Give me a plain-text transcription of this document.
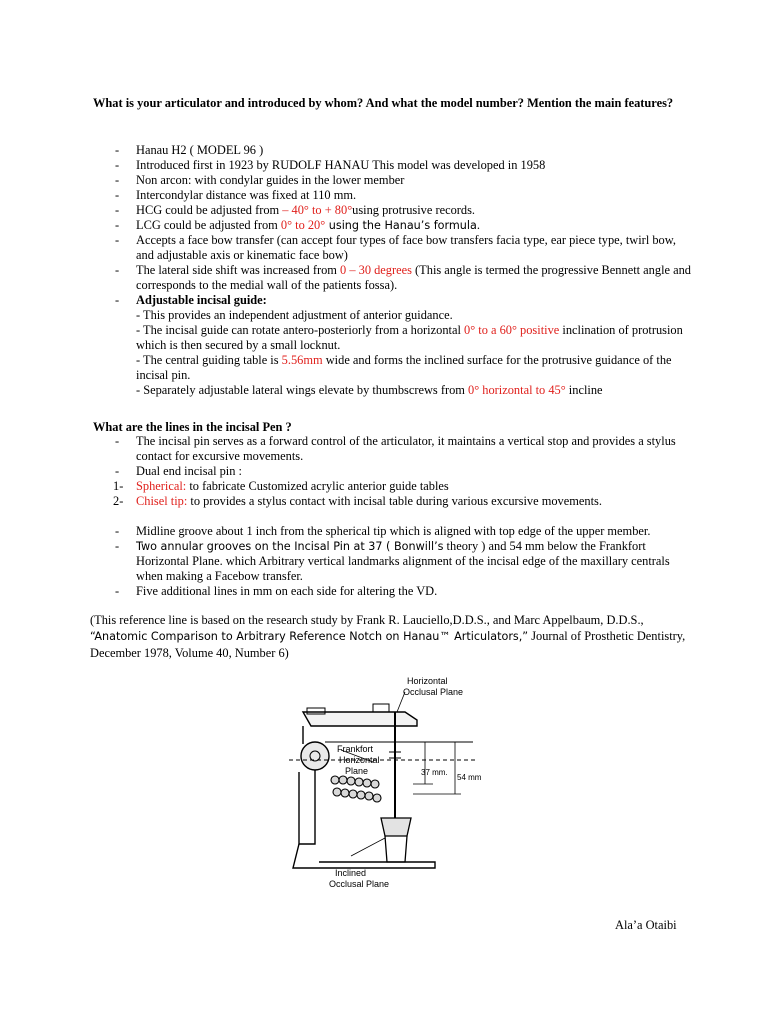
What is your articulator and introduced by whom? And what the model number? Mention the main features?
- Hanau H2 ( MODEL 96 )
- Introduced first in 1923 by RUDOLF HANAU This model was developed in 1958
- Non arcon: with condylar guides in the lower member
- Intercondylar distance was fixed at 110 mm.
- HCG could be adjusted from – 40° to + 80°using protrusive records.
- LCG could be adjusted from 0° to 20° using the Hanau’s formula.
- Accepts a face bow transfer (can accept four types of face bow transfers facia type, ear piece type, twirl bow, and adjustable axis or kinematic face bow)
- The lateral side shift was increased from 0 – 30 degrees (This angle is termed the progressive Bennett angle and corresponds to the medial wall of the patients fossa).
- Adjustable incisal guide:
- This provides an independent adjustment of anterior guidance.
- The incisal guide can rotate antero-posteriorly from a horizontal 0° to a 60° positive inclination of protrusion which is then secured by a small locknut.
- The central guiding table is 5.56mm wide and forms the inclined surface for the protrusive guidance of the incisal pin.
- Separately adjustable lateral wings elevate by thumbscrews from 0° horizontal to 45° incline
What are the lines in the incisal Pen ?
- The incisal pin serves as a forward control of the articulator, it maintains a vertical stop and provides a stylus contact for excursive movements.
- Dual end incisal pin :
1- Spherical: to fabricate Customized acrylic anterior guide tables
2- Chisel tip: to provides a stylus contact with incisal table during various excursive movements.
- Midline groove about 1 inch from the spherical tip which is aligned with top edge of the upper member.
- Two annular grooves on the Incisal Pin at 37 ( Bonwill’s theory ) and 54 mm below the Frankfort Horizontal Plane. which Arbitrary vertical landmarks alignment of the incisal edge of the maxillary centrals when making a Facebow transfer.
- Five additional lines in mm on each side for altering the VD.
(This reference line is based on the research study by Frank R. Lauciello,D.D.S., and Marc Appelbaum, D.D.S., “Anatomic Comparison to Arbitrary Reference Notch on Hanau™ Articulators,” Journal of Prosthetic Dentistry, December 1978, Volume 40, Number 6)
Horizontal
Occlusal Plane
Frankfort
Horizontal
Plane	37 mm.
54 mm
Inclined
Occlusal Plane
Ala’a Otaibi
